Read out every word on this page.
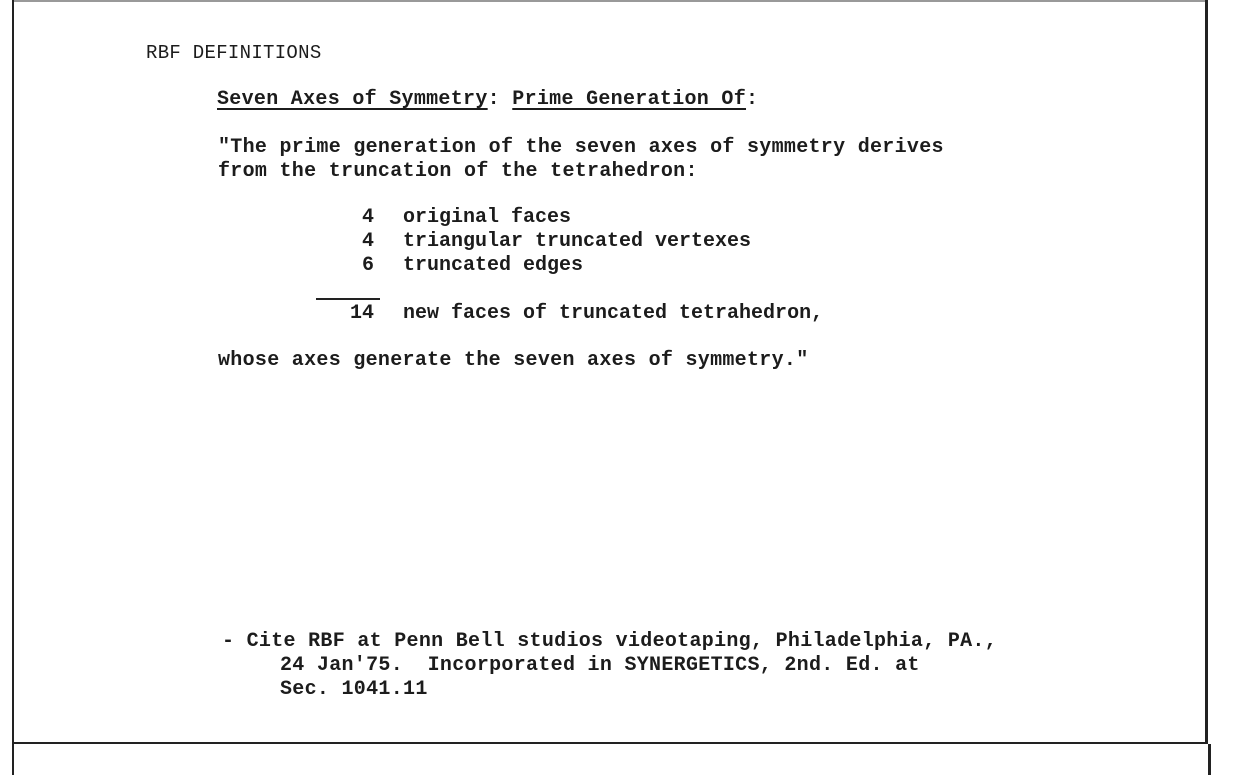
RBF DEFINITIONS
Seven Axes of Symmetry: Prime Generation Of:
"The prime generation of the seven axes of symmetry derives
from the truncation of the tetrahedron:
4 original faces
4 triangular truncated vertexes
6 truncated edges
14 new faces of truncated tetrahedron,
whose axes generate the seven axes of symmetry."
- Cite RBF at Penn Bell studios videotaping, Philadelphia, PA.,
24 Jan'75.  Incorporated in SYNERGETICS, 2nd. Ed. at
Sec. 1041.11
